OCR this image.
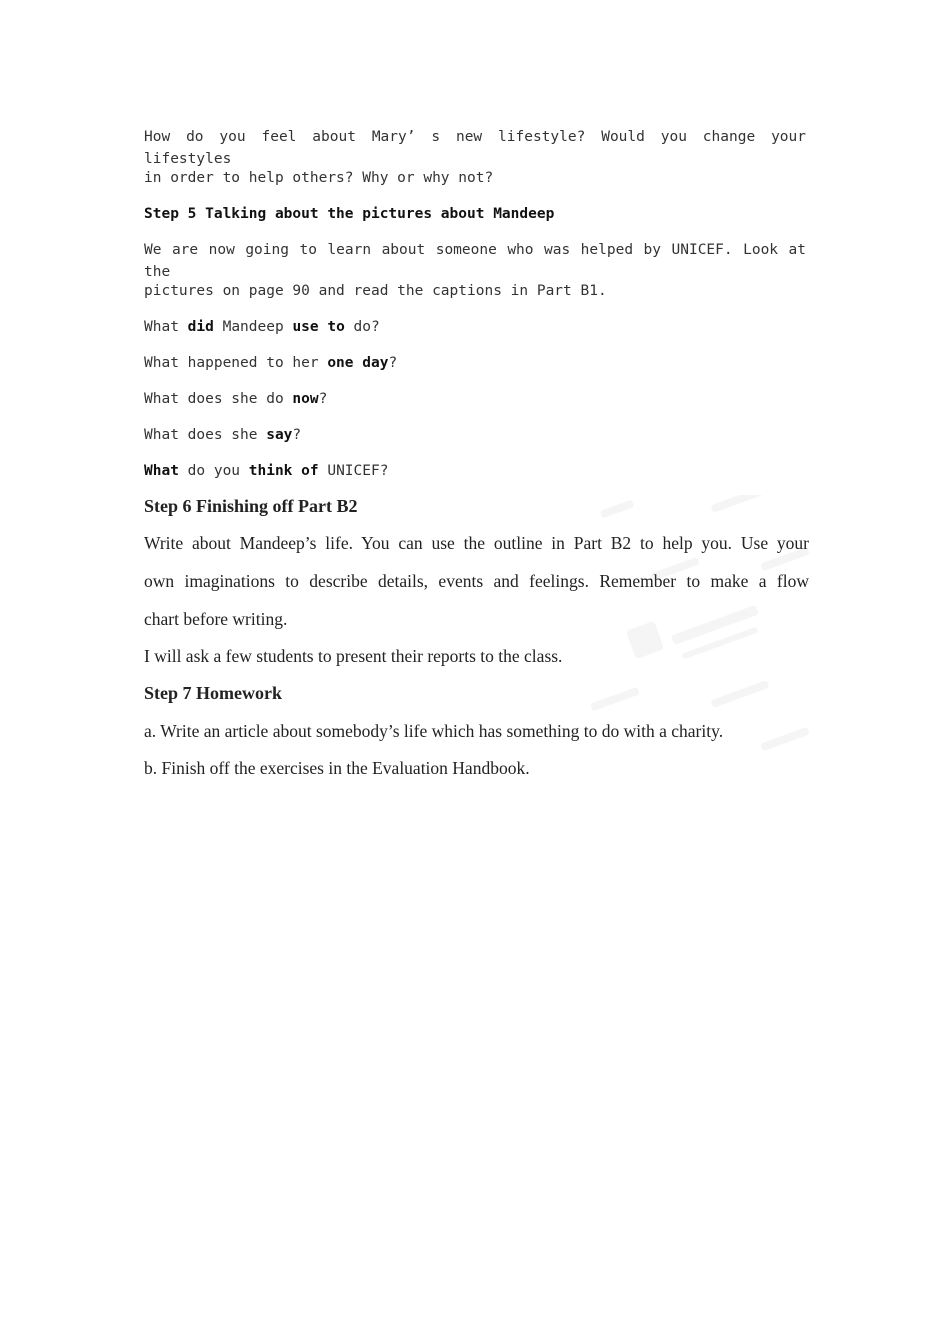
How do you feel about Mary’ s new lifestyle? Would you change your lifestyles
in order to help others? Why or why not?
Step 5 Talking about the pictures about Mandeep
We are now going to learn about someone who was helped by UNICEF. Look at the
pictures on page 90 and read the captions in Part B1.
What did Mandeep use to do?
What happened to her one day?
What does she do now?
What does she say?
What do you think of UNICEF?
Step 6 Finishing off Part B2
Write about Mandeep’s life. You can use the outline in Part B2 to help you. Use your
own imaginations to describe details, events and feelings. Remember to make a flow
chart before writing.
I will ask a few students to present their reports to the class.
Step 7 Homework
a. Write an article about somebody’s life which has something to do with a charity.
b. Finish off the exercises in the Evaluation Handbook.
